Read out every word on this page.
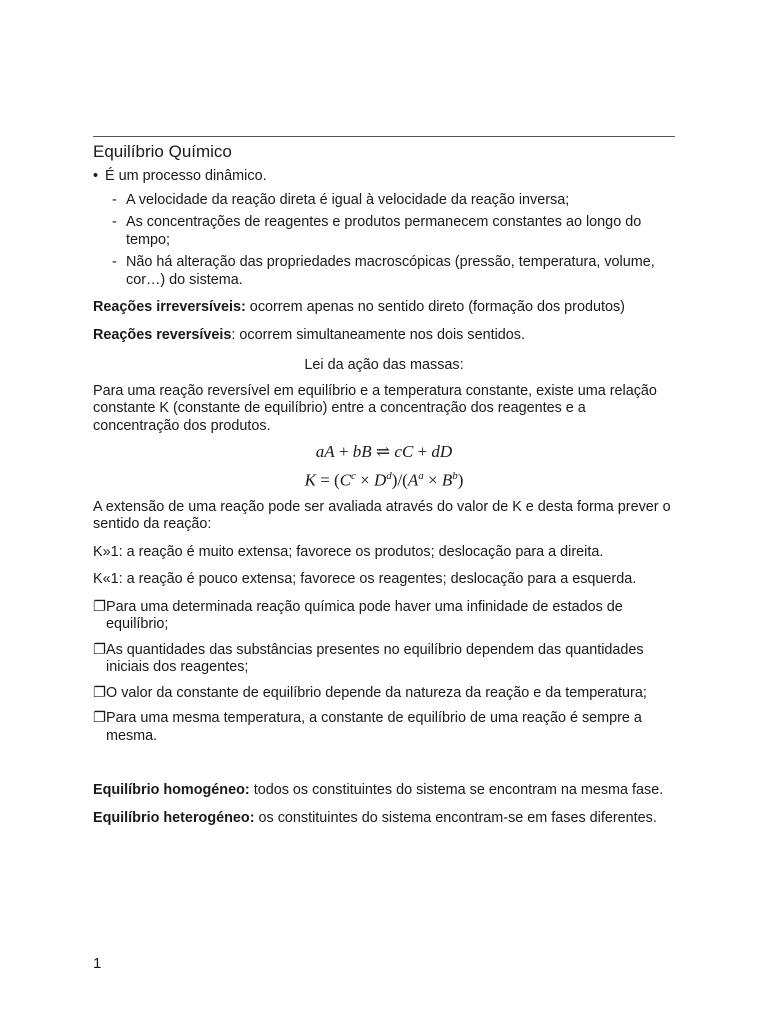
Equilíbrio Químico

• É um processo dinâmico.

- A velocidade da reação direta é igual à velocidade da reação inversa;
- As concentrações de reagentes e produtos permanecem constantes ao longo do tempo;
- Não há alteração das propriedades macroscópicas (pressão, temperatura, volume, cor…) do sistema.

Reações irreversíveis: ocorrem apenas no sentido direto (formação dos produtos)

Reações reversíveis: ocorrem simultaneamente nos dois sentidos.

Lei da ação das massas:

Para uma reação reversível em equilíbrio e a temperatura constante, existe uma relação constante K (constante de equilíbrio) entre a concentração dos reagentes e a concentração dos produtos.

aA + bB ⇌ cC + dD
$K = (C^c \times D^d)/(A^a \times B^b)$

A extensão de uma reação pode ser avaliada através do valor de K e desta forma prever o sentido da reação:

K»1: a reação é muito extensa; favorece os produtos; deslocação para a direita.

K«1: a reação é pouco extensa; favorece os reagentes; deslocação para a esquerda.

❐ Para uma determinada reação química pode haver uma infinidade de estados de equilíbrio;

❐ As quantidades das substâncias presentes no equilíbrio dependem das quantidades iniciais dos reagentes;

❐ O valor da constante de equilíbrio depende da natureza da reação e da temperatura;

❐ Para uma mesma temperatura, a constante de equilíbrio de uma reação é sempre a mesma.

Equilíbrio homogéneo: todos os constituintes do sistema se encontram na mesma fase.

Equilíbrio heterogéneo: os constituintes do sistema encontram-se em fases diferentes.

1
